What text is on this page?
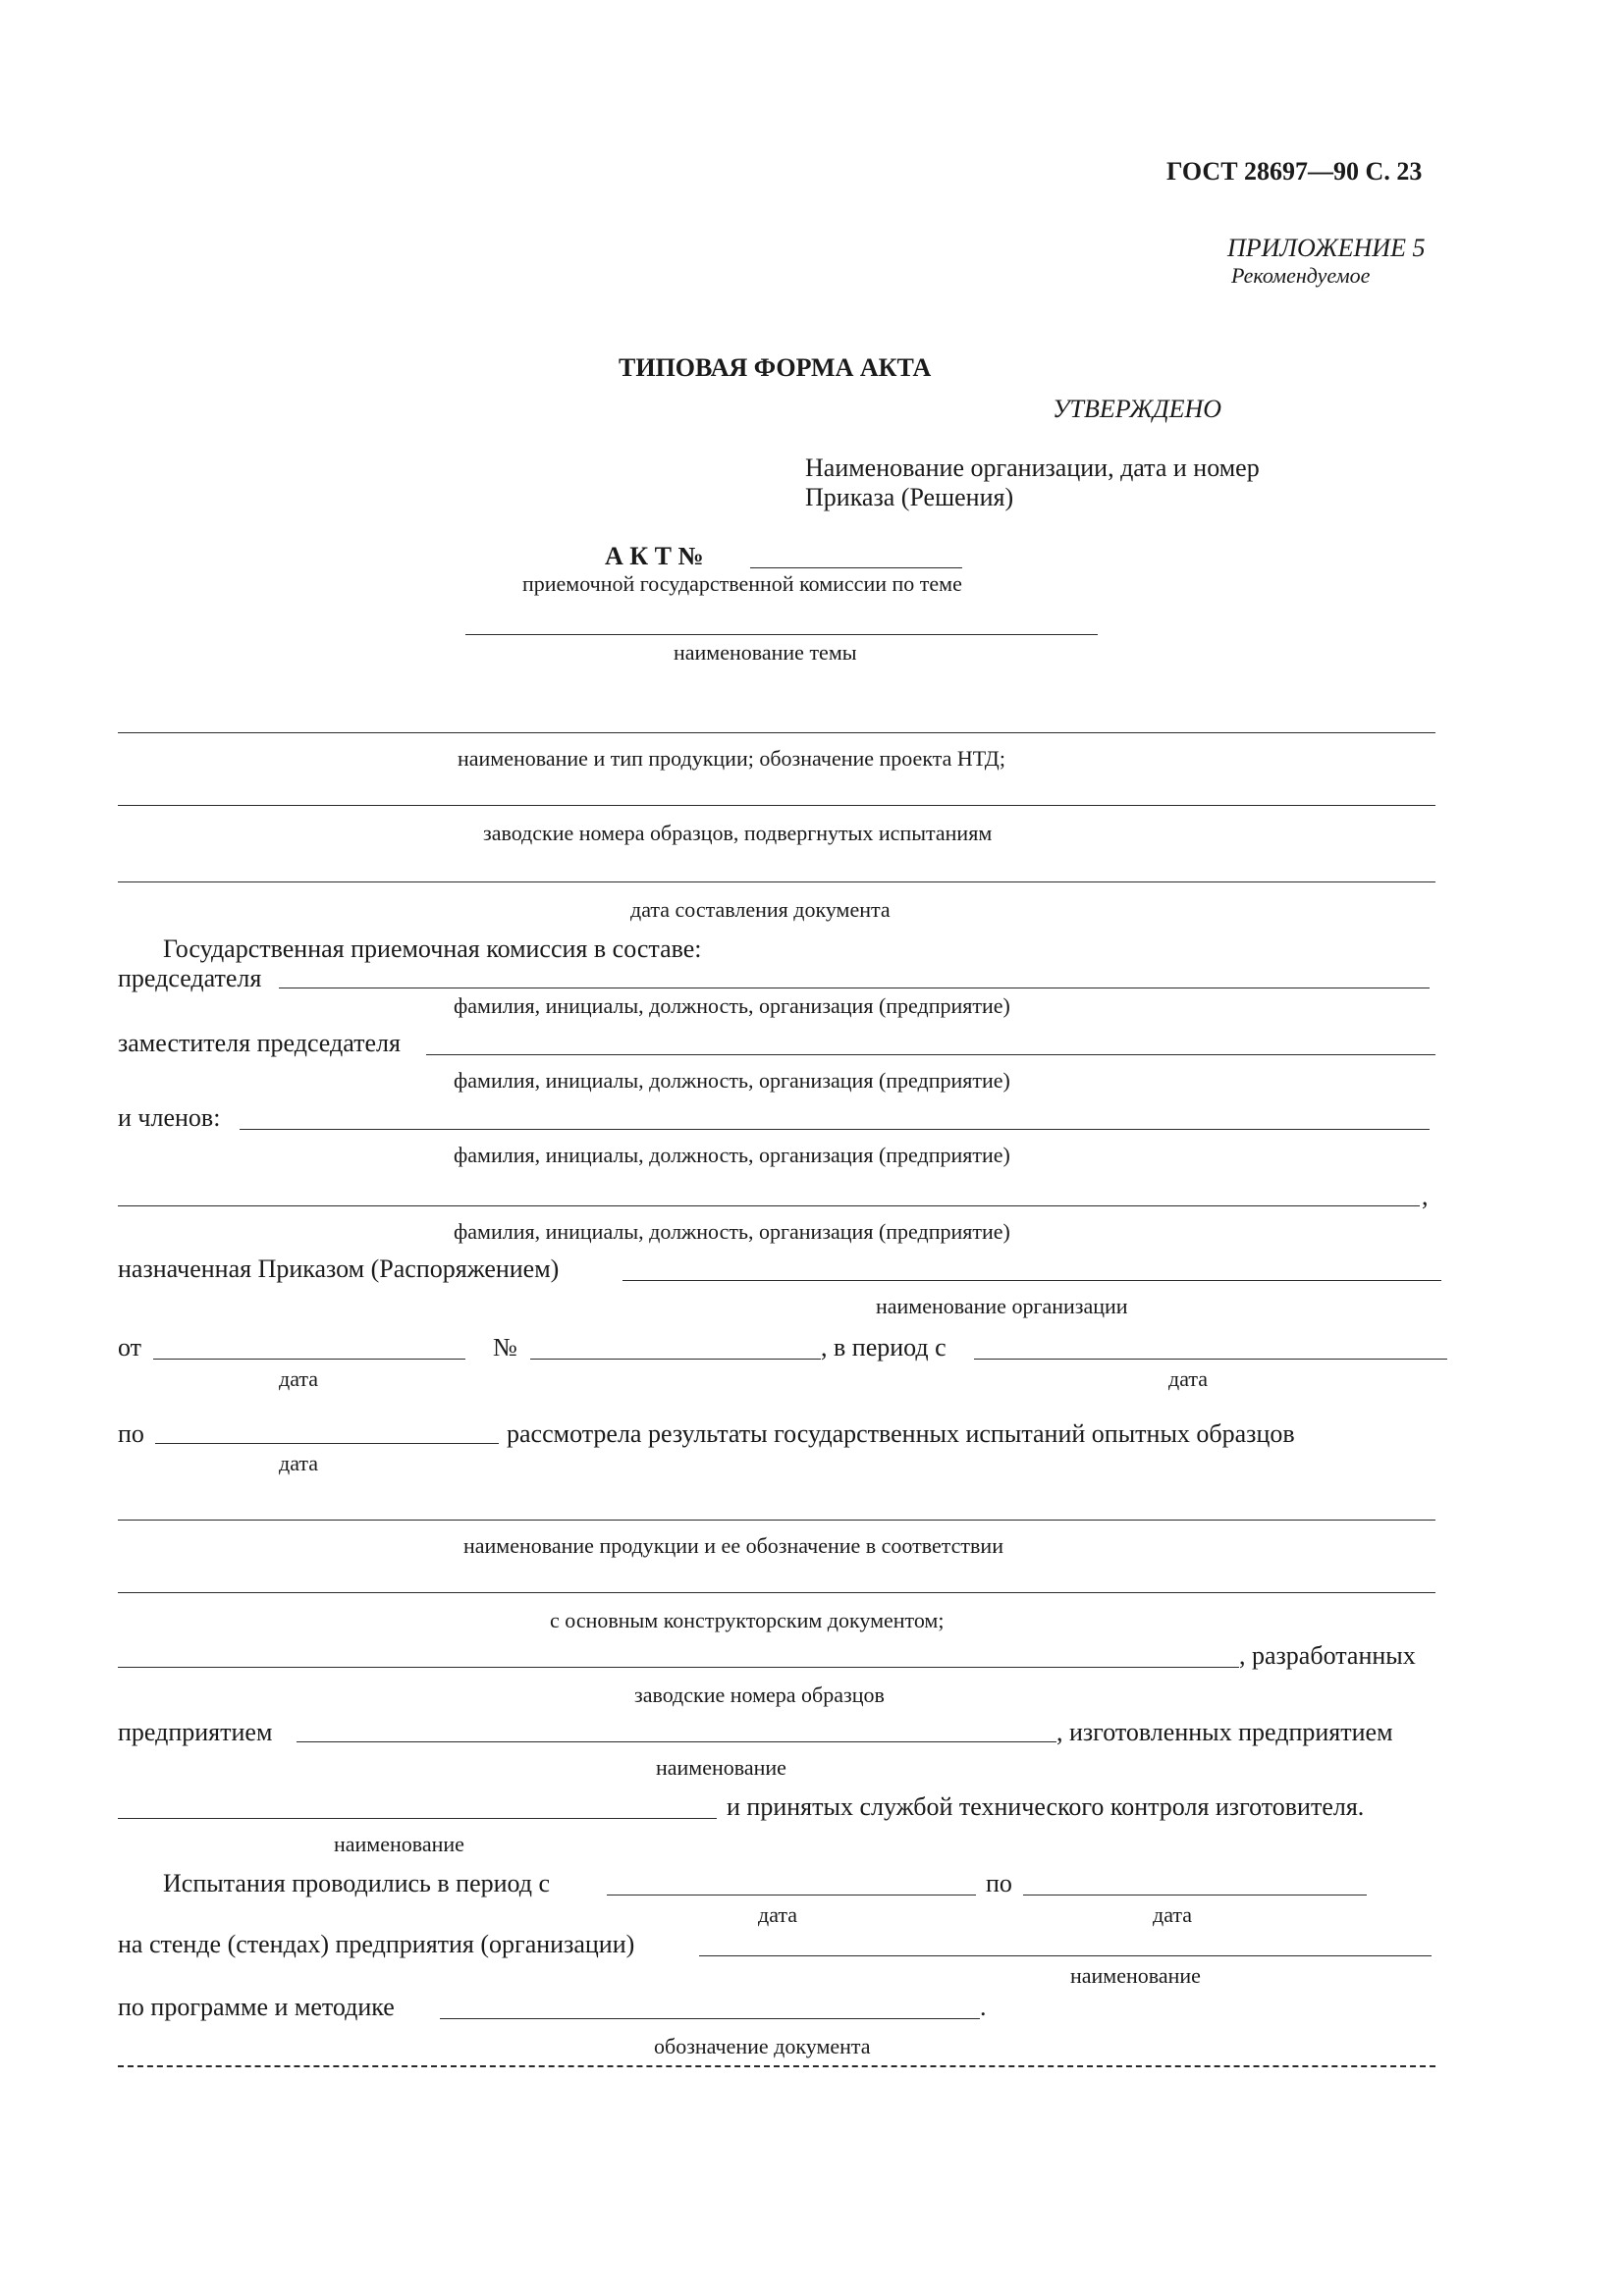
ГОСТ 28697—90 С. 23
ПРИЛОЖЕНИЕ 5
Рекомендуемое
ТИПОВАЯ ФОРМА АКТА
УТВЕРЖДЕНО
Наименование организации, дата и номер
Приказа (Решения)
А К Т №
приемочной государственной комиссии по теме
наименование темы
наименование и тип продукции; обозначение проекта НТД;
заводские номера образцов, подвергнутых испытаниям
дата составления документа
Государственная приемочная комиссия в составе:
председателя
фамилия, инициалы, должность, организация (предприятие)
заместителя председателя
фамилия, инициалы, должность, организация (предприятие)
и членов:
фамилия, инициалы, должность, организация (предприятие)
,
фамилия, инициалы, должность, организация (предприятие)
назначенная Приказом (Распоряжением)
наименование организации
от	№	, в период с
дата	дата
по	рассмотрела результаты государственных испытаний опытных образцов
дата
наименование продукции и ее обозначение в соответствии
с основным конструкторским документом;
, разработанных
заводские номера образцов
предприятием	, изготовленных предприятием
наименование
и принятых службой технического контроля изготовителя.
наименование
Испытания проводились в период с	по
дата	дата
на стенде (стендах) предприятия (организации)
наименование
по программе и методике	.
обозначение документа
